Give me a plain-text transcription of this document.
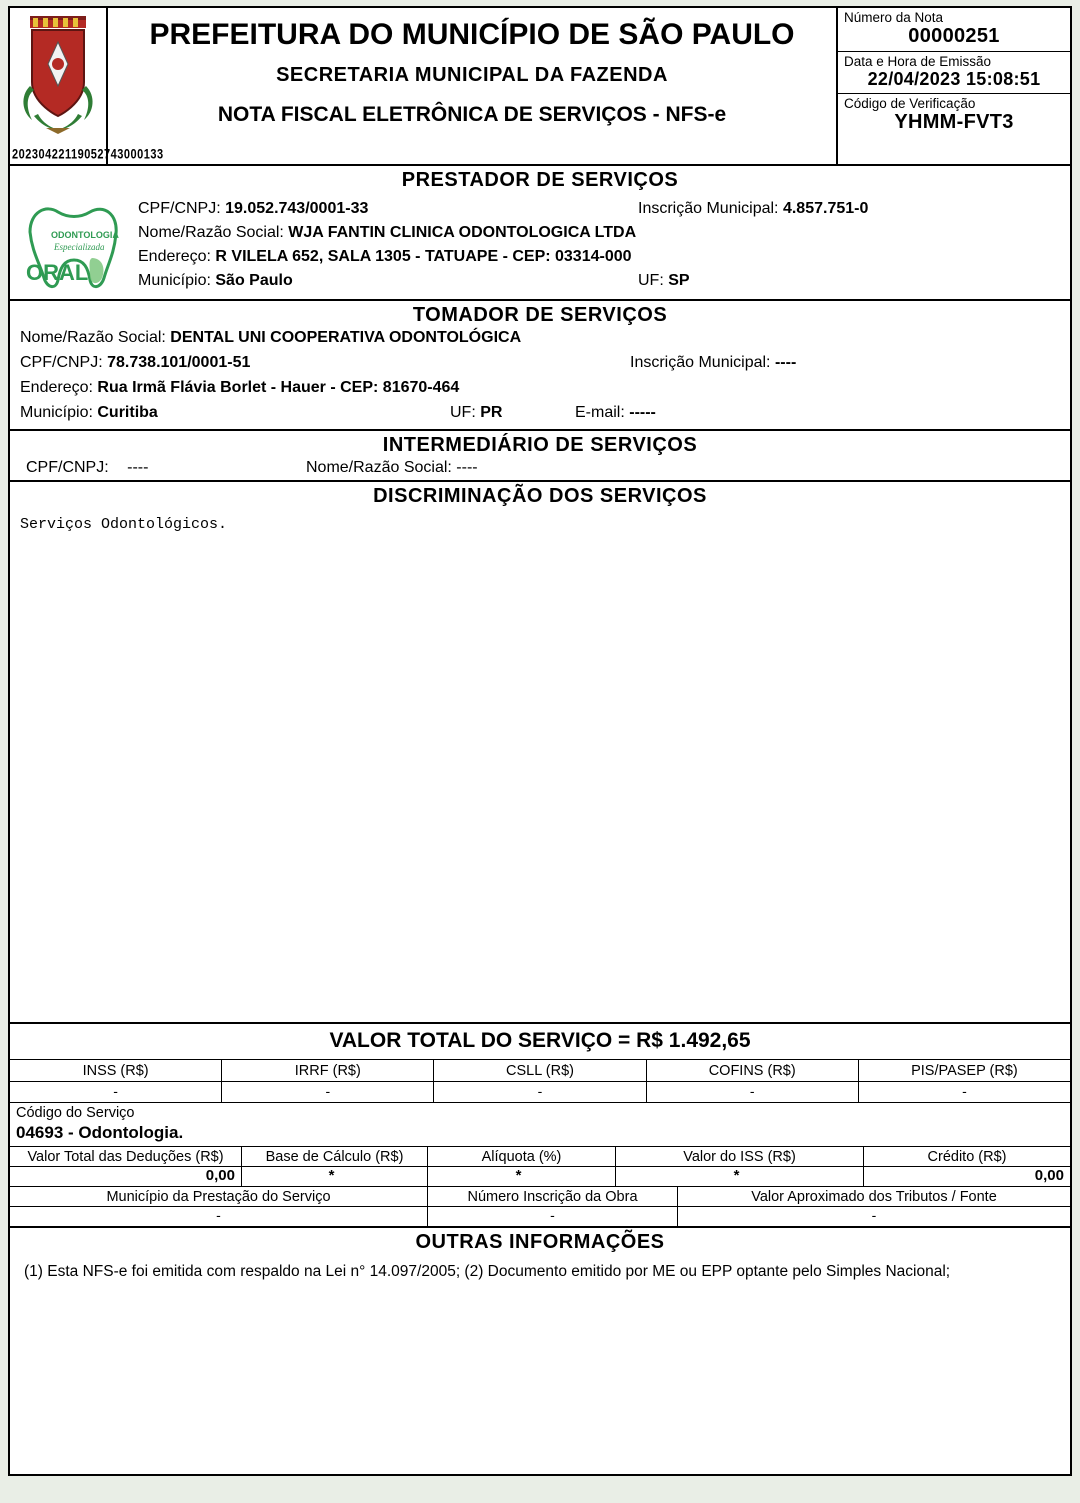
20230422119052743000133
PREFEITURA DO MUNICÍPIO DE SÃO PAULO
SECRETARIA MUNICIPAL DA FAZENDA
NOTA FISCAL ELETRÔNICA DE SERVIÇOS - NFS-e
Número da Nota
00000251
Data e Hora de Emissão
22/04/2023 15:08:51
Código de Verificação
YHMM-FVT3
PRESTADOR DE SERVIÇOS
ODONTOLOGIA
Especializada
ORAL
CPF/CNPJ: 19.052.743/0001-33	Inscrição Municipal: 4.857.751-0
Nome/Razão Social: WJA FANTIN CLINICA ODONTOLOGICA LTDA
Endereço: R VILELA 652, SALA 1305 - TATUAPE - CEP: 03314-000
Município: São Paulo	UF: SP
TOMADOR DE SERVIÇOS
Nome/Razão Social: DENTAL UNI COOPERATIVA ODONTOLÓGICA
CPF/CNPJ: 78.738.101/0001-51	Inscrição Municipal: ----
Endereço: Rua Irmã Flávia Borlet - Hauer - CEP: 81670-464
Município: Curitiba	UF: PR	E-mail: -----
INTERMEDIÁRIO DE SERVIÇOS
CPF/CNPJ: ----	Nome/Razão Social: ----
DISCRIMINAÇÃO DOS SERVIÇOS
Serviços Odontológicos.
VALOR TOTAL DO SERVIÇO = R$ 1.492,65
INSS (R$)	IRRF (R$)	CSLL (R$)	COFINS (R$)	PIS/PASEP (R$)
-	-	-	-	-
Código do Serviço
04693 - Odontologia.
Valor Total das Deduções (R$)	Base de Cálculo (R$)	Alíquota (%)	Valor do ISS (R$)	Crédito (R$)
0,00	*	*	*	0,00
Município da Prestação do Serviço	Número Inscrição da Obra	Valor Aproximado dos Tributos / Fonte
-	-	-
OUTRAS INFORMAÇÕES
(1) Esta NFS-e foi emitida com respaldo na Lei n° 14.097/2005; (2) Documento emitido por ME ou EPP optante pelo Simples Nacional;
